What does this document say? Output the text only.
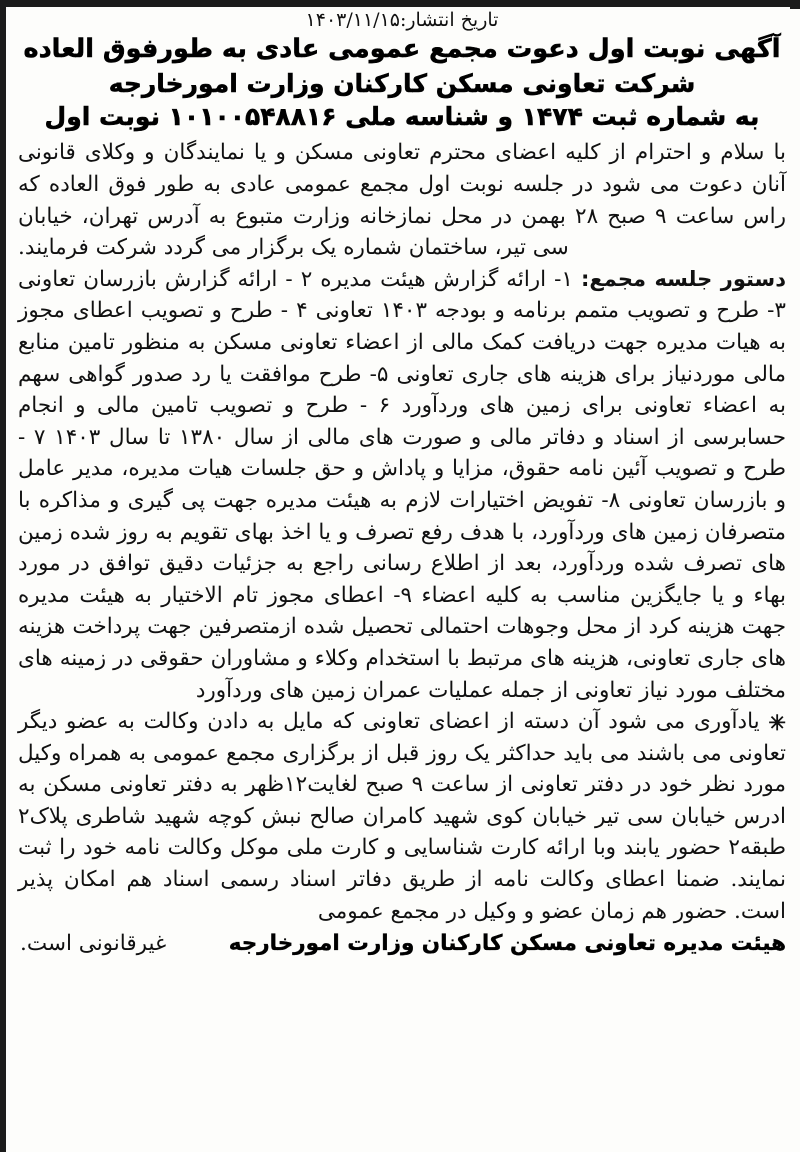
تاریخ انتشار:۱۴۰۳/۱۱/۱۵
آگهی نوبت اول دعوت مجمع عمومی عادی به طورفوق العاده
شرکت تعاونی مسکن کارکنان وزارت امورخارجه
به شماره ثبت ۱۴۷۴ و شناسه ملی ۱۰۱۰۰۵۴۸۸۱۶ نوبت اول

با سلام و احترام از کلیه اعضای محترم تعاونی مسکن و یا نمایندگان و وکلای قانونی آنان دعوت می شود در جلسه نوبت اول مجمع عمومی عادی به طور فوق العاده که راس ساعت ۹ صبح ۲۸ بهمن در محل نمازخانه وزارت متبوع به آدرس تهران، خیابان سی تیر، ساختمان شماره یک برگزار می گردد شرکت فرمایند.

دستور جلسه مجمع: ۱- ارائه گزارش هیئت مدیره ۲ - ارائه گزارش بازرسان تعاونی ۳- طرح و تصویب متمم برنامه و بودجه ۱۴۰۳ تعاونی ۴ - طرح و تصویب اعطای مجوز به هیات مدیره جهت دریافت کمک مالی از اعضاء تعاونی مسکن به منظور تامین منابع مالی موردنیاز برای هزینه های جاری تعاونی ۵- طرح موافقت یا رد صدور گواهی سهم به اعضاء تعاونی برای زمین های وردآورد ۶ - طرح و تصویب تامین مالی و انجام حسابرسی از اسناد و دفاتر مالی و صورت های مالی از سال ۱۳۸۰ تا سال ۱۴۰۳ ۷ - طرح و تصویب آئین نامه حقوق، مزایا و پاداش و حق جلسات هیات مدیره، مدیر عامل و بازرسان تعاونی ۸- تفویض اختیارات لازم به هیئت مدیره جهت پی گیری و مذاکره با متصرفان زمین های وردآورد، با هدف رفع تصرف و یا اخذ بهای تقویم به روز شده زمین های تصرف شده وردآورد، بعد از اطلاع رسانی راجع به جزئیات دقیق توافق در مورد بهاء و یا جایگزین مناسب به کلیه اعضاء ۹- اعطای مجوز تام الاختیار به هیئت مدیره جهت هزینه کرد از محل وجوهات احتمالی تحصیل شده ازمتصرفین جهت پرداخت هزینه های جاری تعاونی، هزینه های مرتبط با استخدام وکلاء و مشاوران حقوقی در زمینه های مختلف مورد نیاز تعاونی از جمله عملیات عمران زمین های وردآورد

✳ یادآوری می شود آن دسته از اعضای تعاونی که مایل به دادن وکالت به عضو دیگر تعاونی می باشند می باید حداکثر یک روز قبل از برگزاری مجمع عمومی به همراه وکیل مورد نظر خود در دفتر تعاونی از ساعت ۹ صبح لغایت۱۲ظهر به دفتر تعاونی مسکن به ادرس خیابان سی تیر خیابان کوی شهید کامران صالح نبش کوچه شهید شاطری پلاک۲ طبقه۲ حضور یابند وبا ارائه کارت شناسایی و کارت ملی موکل وکالت نامه خود را ثبت نمایند. ضمنا اعطای وکالت نامه از طریق دفاتر اسناد رسمی اسناد هم امکان پذیر است. حضور هم زمان عضو و وکیل در مجمع عمومی

هیئت مدیره تعاونی مسکن کارکنان وزارت امورخارجه
غیرقانونی است.
